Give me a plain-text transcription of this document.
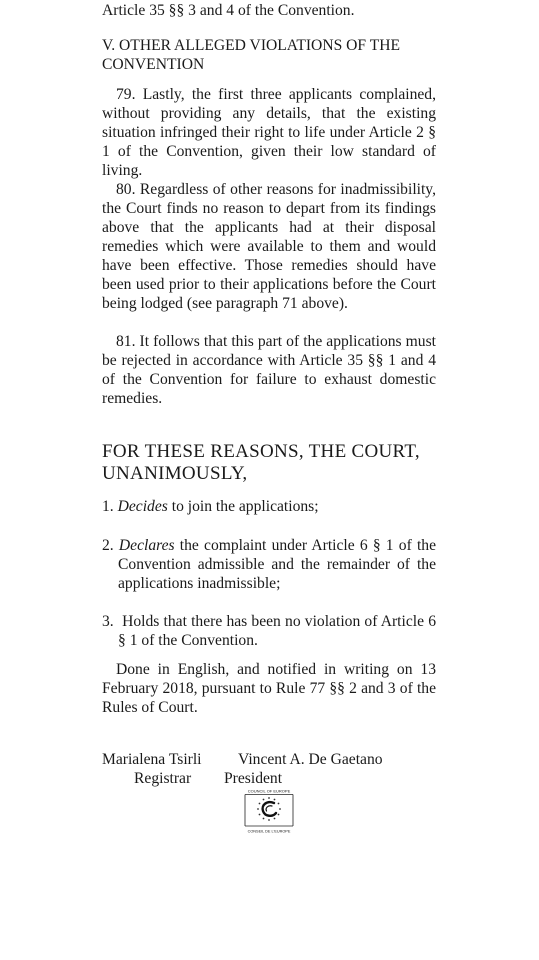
Article 35 §§ 3 and 4 of the Convention.

V. OTHER ALLEGED VIOLATIONS OF THE CONVENTION

79. Lastly, the first three applicants complained, without providing any details, that the existing situation infringed their right to life under Article 2 § 1 of the Convention, given their low standard of living.

80. Regardless of other reasons for inadmissibility, the Court finds no reason to depart from its findings above that the applicants had at their disposal remedies which were available to them and would have been effective. Those remedies should have been used prior to their applications before the Court being lodged (see paragraph 71 above).

81. It follows that this part of the applications must be rejected in accordance with Article 35 §§ 1 and 4 of the Convention for failure to exhaust domestic remedies.

FOR THESE REASONS, THE COURT, UNANIMOUSLY,

1. Decides to join the applications;

2. Declares the complaint under Article 6 § 1 of the Convention admissible and the remainder of the applications inadmissible;

3. Holds that there has been no violation of Article 6 § 1 of the Convention.

Done in English, and notified in writing on 13 February 2018, pursuant to Rule 77 §§ 2 and 3 of the Rules of Court.

Marialena Tsirli Vincent A. De Gaetano
Registrar President
COUNCIL OF EUROPE
CONSEIL DE L'EUROPE
